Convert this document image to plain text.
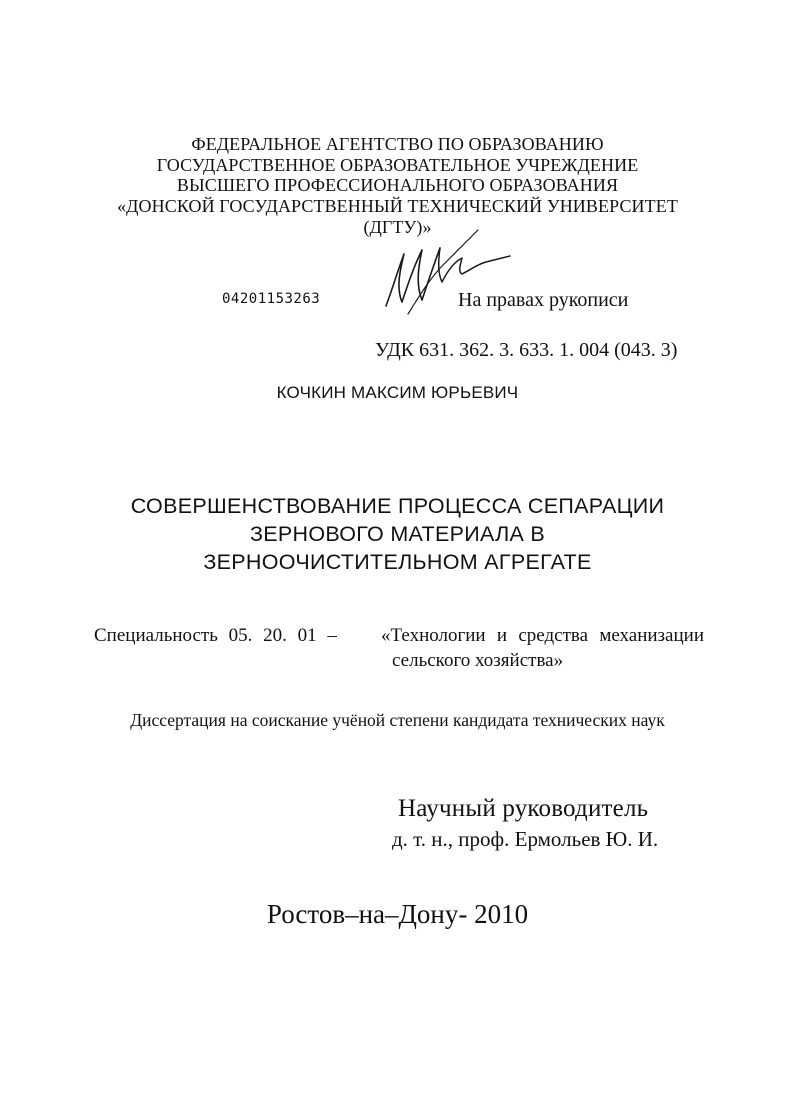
ФЕДЕРАЛЬНОЕ АГЕНТСТВО ПО ОБРАЗОВАНИЮ
ГОСУДАРСТВЕННОЕ ОБРАЗОВАТЕЛЬНОЕ УЧРЕЖДЕНИЕ
ВЫСШЕГО ПРОФЕССИОНАЛЬНОГО ОБРАЗОВАНИЯ
«ДОНСКОЙ ГОСУДАРСТВЕННЫЙ ТЕХНИЧЕСКИЙ УНИВЕРСИТЕТ
(ДГТУ)»
04201153263	На правах рукописи
УДК 631. 362. 3. 633. 1. 004 (043. 3)
КОЧКИН МАКСИМ ЮРЬЕВИЧ
СОВЕРШЕНСТВОВАНИЕ ПРОЦЕССА СЕПАРАЦИИ
ЗЕРНОВОГО МАТЕРИАЛА В
ЗЕРНООЧИСТИТЕЛЬНОМ АГРЕГАТЕ
Специальность 05. 20. 01 – «Технологии и средства механизации
сельского хозяйства»
Диссертация на соискание учёной степени кандидата технических наук
Научный руководитель
д. т. н., проф. Ермольев Ю. И.
Ростов–на–Дону- 2010
